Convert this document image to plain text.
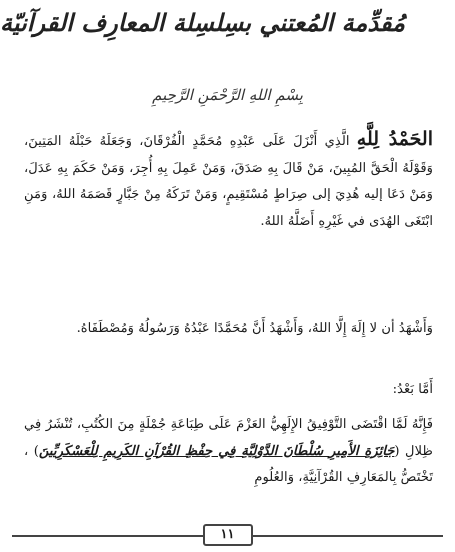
مُقدِّمة المُعتني بسِلسِلة المعارِف القرآنيّة
بِسْمِ اللهِ الرَّحْمَنِ الرَّحِيمِ
الحَمْدُ لِلَّهِ الَّذِي أَنْزَلَ عَلَى عَبْدِهِ مُحَمَّدٍ الْفُرْقَانَ، وَجَعَلَهُ حَبْلَهُ المَتِينَ، وَقَوْلَهُ الْحَقَّ المُبِينَ، مَنْ قَالَ بِهِ صَدَقَ، وَمَنْ عَمِلَ بِهِ أُجِرَ، وَمَنْ حَكَمَ بِهِ عَدَلَ، وَمَنْ دَعَا إليه هُدِيَ إلى صِرَاطٍ مُسْتَقِيمٍ، وَمَنْ تَرَكَهُ مِنْ جَبَّارٍ قَصَمَهُ اللهُ، وَمَنِ ابْتَغَى الهُدَى في غَيْرِهِ أَضَلَّهُ اللهُ.
وَأَشْهَدُ أن لا إِلَهَ إِلَّا اللهُ، وَأَشْهَدُ أَنَّ مُحَمَّدًا عَبْدُهُ وَرَسُولُهُ وَمُصْطَفَاهُ.
أَمَّا بَعْدُ:
فَإِنَّهُ لَمَّا اقْتَضَى التَّوْفِيقُ الإِلَهِيُّ العَزْمَ عَلَى طِبَاعَةِ جُمْلَةٍ مِنَ الكُتُبِ، تُنْشَرُ فِي ظِلالِ (جَائِزَةِ الأَمِيرِ سُلْطَانَ الدَّوْلِيَّةِ فِي حِفْظِ القُرْآنِ الكَرِيمِ لِلْعَسْكَرِيِّينَ) ، تَخْتَصُّ بِالمَعَارِفِ القُرْآنِيَّةِ، وَالعُلُومِ
١١
